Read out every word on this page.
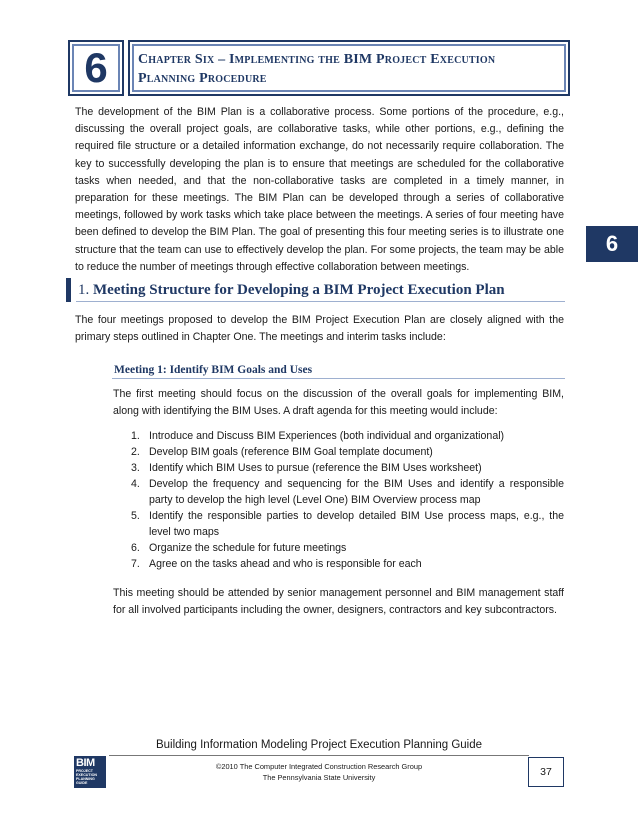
6 Chapter Six – Implementing the BIM Project Execution
Planning Procedure

The development of the BIM Plan is a collaborative process. Some portions of the procedure, e.g., discussing the overall project goals, are collaborative tasks, while other portions, e.g., defining the required file structure or a detailed information exchange, do not necessarily require collaboration. The key to successfully developing the plan is to ensure that meetings are scheduled for the collaborative tasks when needed, and that the non-collaborative tasks are completed in a timely manner, in preparation for these meetings. The BIM Plan can be developed through a series of collaborative meetings, followed by work tasks which take place between the meetings. A series of four meeting have been defined to develop the BIM Plan. The goal of presenting this four meeting series is to illustrate one structure that the team can use to effectively develop the plan. For some projects, the team may be able to reduce the number of meetings through effective collaboration between meetings.

6
1. Meeting Structure for Developing a BIM Project Execution Plan

The four meetings proposed to develop the BIM Project Execution Plan are closely aligned with the primary steps outlined in Chapter One. The meetings and interim tasks include:

Meeting 1: Identify BIM Goals and Uses

The first meeting should focus on the discussion of the overall goals for implementing BIM, along with identifying the BIM Uses. A draft agenda for this meeting would include:

1. Introduce and Discuss BIM Experiences (both individual and organizational)
2. Develop BIM goals (reference BIM Goal template document)
3. Identify which BIM Uses to pursue (reference the BIM Uses worksheet)
4. Develop the frequency and sequencing for the BIM Uses and identify a responsible party to develop the high level (Level One) BIM Overview process map
5. Identify the responsible parties to develop detailed BIM Use process maps, e.g., the level two maps
6. Organize the schedule for future meetings
7. Agree on the tasks ahead and who is responsible for each

This meeting should be attended by senior management personnel and BIM management staff for all involved participants including the owner, designers, contractors and key subcontractors.

Building Information Modeling Project Execution Planning Guide
BIM
PROJECT
EXECUTION
PLANNING
GUIDE
©2010 The Computer Integrated Construction Research Group
The Pennsylvania State University	37
